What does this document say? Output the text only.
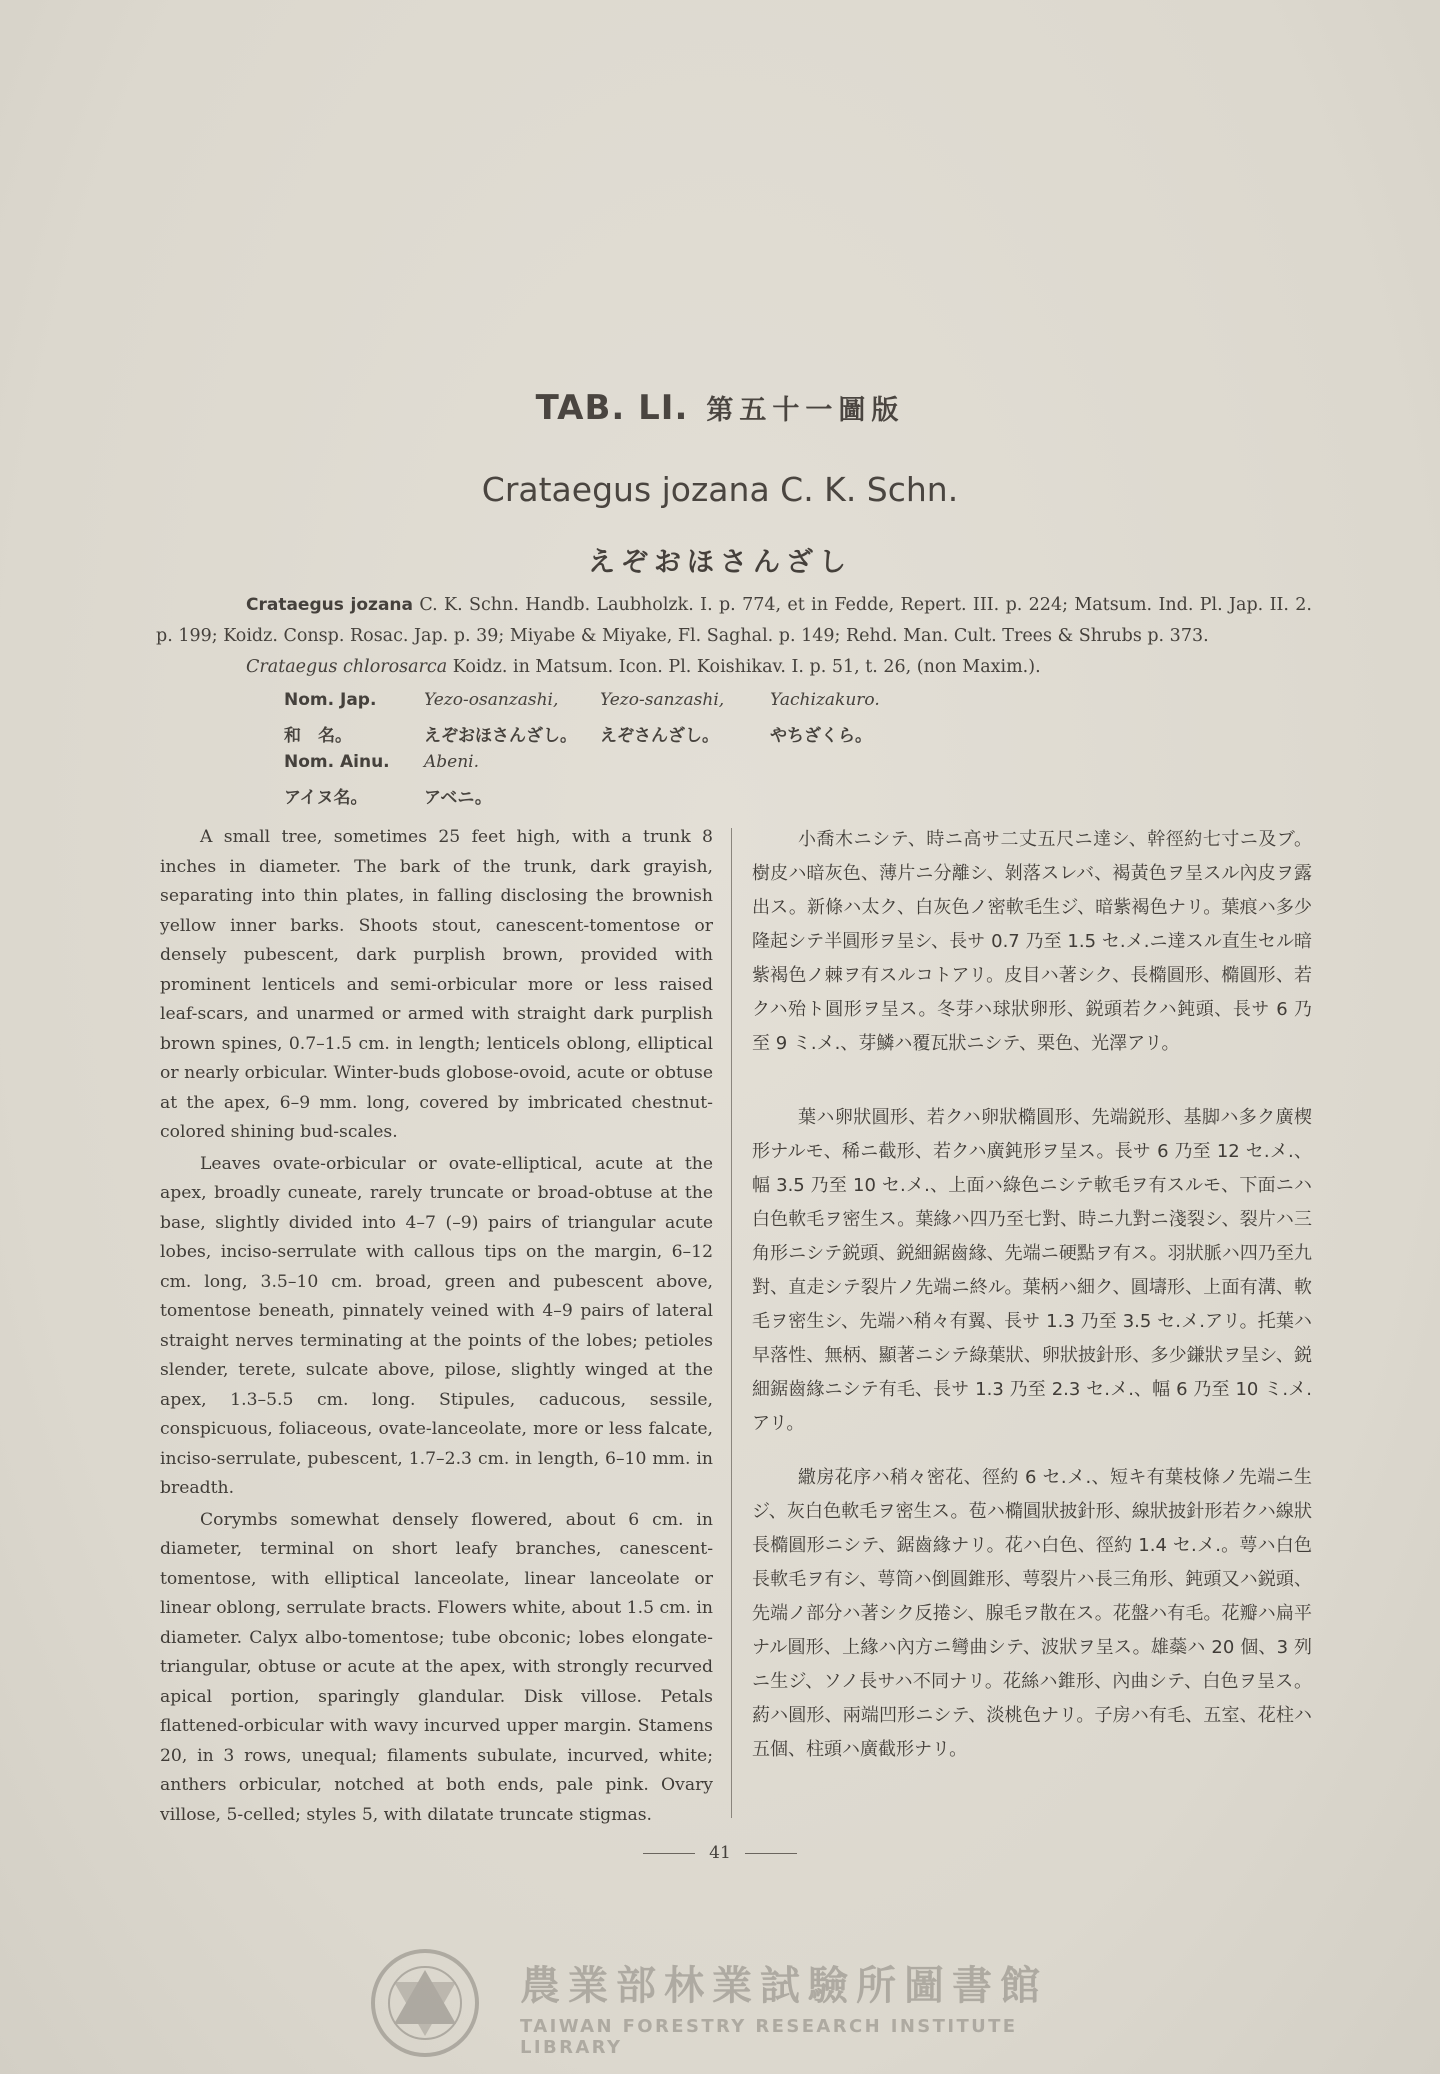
TAB. LI. 第五十一圖版
Crataegus jozana C. K. Schn.
えぞおほさんざし
Crataegus jozana C. K. Schn. Handb. Laubholzk. I. p. 774, et in Fedde, Repert. III. p. 224; Matsum. Ind. Pl. Jap. II. 2. p. 199; Koidz. Consp. Rosac. Jap. p. 39; Miyabe & Miyake, Fl. Saghal. p. 149; Rehd. Man. Cult. Trees & Shrubs p. 373.
Crataegus chlorosarca Koidz. in Matsum. Icon. Pl. Koishikav. I. p. 51, t. 26, (non Maxim.).
Nom. Jap.	Yezo-osanzashi,	Yezo-sanzashi,	Yachizakuro.
和　名。	えぞおほさんざし。	えぞさんざし。	やちざくら。
Nom. Ainu.	Abeni.
アイヌ名。	アベニ。

A small tree, sometimes 25 feet high, with a trunk 8 inches in diameter. The bark of the trunk, dark grayish, separating into thin plates, in falling disclosing the brownish yellow inner barks. Shoots stout, canescent-tomentose or densely pubescent, dark purplish brown, provided with prominent lenticels and semi-orbicular more or less raised leaf-scars, and unarmed or armed with straight dark purplish brown spines, 0.7–1.5 cm. in length; lenticels oblong, elliptical or nearly orbicular. Winter-buds globose-ovoid, acute or obtuse at the apex, 6–9 mm. long, covered by imbricated chestnut-colored shining bud-scales.

Leaves ovate-orbicular or ovate-elliptical, acute at the apex, broadly cuneate, rarely truncate or broad-obtuse at the base, slightly divided into 4–7 (–9) pairs of triangular acute lobes, inciso-serrulate with callous tips on the margin, 6–12 cm. long, 3.5–10 cm. broad, green and pubescent above, tomentose beneath, pinnately veined with 4–9 pairs of lateral straight nerves terminating at the points of the lobes; petioles slender, terete, sulcate above, pilose, slightly winged at the apex, 1.3–5.5 cm. long. Stipules, caducous, sessile, conspicuous, foliaceous, ovate-lanceolate, more or less falcate, inciso-serrulate, pubescent, 1.7–2.3 cm. in length, 6–10 mm. in breadth.

Corymbs somewhat densely flowered, about 6 cm. in diameter, terminal on short leafy branches, canescent-tomentose, with elliptical lanceolate, linear lanceolate or linear oblong, serrulate bracts. Flowers white, about 1.5 cm. in diameter. Calyx albo-tomentose; tube obconic; lobes elongate-triangular, obtuse or acute at the apex, with strongly recurved apical portion, sparingly glandular. Disk villose. Petals flattened-orbicular with wavy incurved upper margin. Stamens 20, in 3 rows, unequal; filaments subulate, incurved, white; anthers orbicular, notched at both ends, pale pink. Ovary villose, 5-celled; styles 5, with dilatate truncate stigmas.

小喬木ニシテ、時ニ高サ二丈五尺ニ達シ、幹徑約七寸ニ及ブ。樹皮ハ暗灰色、薄片ニ分離シ、剝落スレバ、褐黃色ヲ呈スル內皮ヲ露出ス。新條ハ太ク、白灰色ノ密軟毛生ジ、暗紫褐色ナリ。葉痕ハ多少隆起シテ半圓形ヲ呈シ、長サ 0.7 乃至 1.5 セ.メ.ニ達スル直生セル暗紫褐色ノ棘ヲ有スルコトアリ。皮目ハ著シク、長橢圓形、橢圓形、若クハ殆ト圓形ヲ呈ス。冬芽ハ球狀卵形、鋭頭若クハ鈍頭、長サ 6 乃至 9 ミ.メ.、芽鱗ハ覆瓦狀ニシテ、栗色、光澤アリ。

葉ハ卵狀圓形、若クハ卵狀橢圓形、先端鋭形、基脚ハ多ク廣楔形ナルモ、稀ニ截形、若クハ廣鈍形ヲ呈ス。長サ 6 乃至 12 セ.メ.、幅 3.5 乃至 10 セ.メ.、上面ハ綠色ニシテ軟毛ヲ有スルモ、下面ニハ白色軟毛ヲ密生ス。葉緣ハ四乃至七對、時ニ九對ニ淺裂シ、裂片ハ三角形ニシテ鋭頭、鋭細鋸齒緣、先端ニ硬點ヲ有ス。羽狀脈ハ四乃至九對、直走シテ裂片ノ先端ニ終ル。葉柄ハ細ク、圓壔形、上面有溝、軟毛ヲ密生シ、先端ハ稍々有翼、長サ 1.3 乃至 3.5 セ.メ.アリ。托葉ハ早落性、無柄、顯著ニシテ綠葉狀、卵狀披針形、多少鎌狀ヲ呈シ、鋭細鋸齒緣ニシテ有毛、長サ 1.3 乃至 2.3 セ.メ.、幅 6 乃至 10 ミ.メ.アリ。

繖房花序ハ稍々密花、徑約 6 セ.メ.、短キ有葉枝條ノ先端ニ生ジ、灰白色軟毛ヲ密生ス。苞ハ橢圓狀披針形、線狀披針形若クハ線狀長橢圓形ニシテ、鋸齒緣ナリ。花ハ白色、徑約 1.4 セ.メ.。萼ハ白色長軟毛ヲ有シ、萼筒ハ倒圓錐形、萼裂片ハ長三角形、鈍頭又ハ鋭頭、先端ノ部分ハ著シク反捲シ、腺毛ヲ散在ス。花盤ハ有毛。花瓣ハ扁平ナル圓形、上緣ハ內方ニ彎曲シテ、波狀ヲ呈ス。雄蘂ハ 20 個、3 列ニ生ジ、ソノ長サハ不同ナリ。花絲ハ錐形、內曲シテ、白色ヲ呈ス。葯ハ圓形、兩端凹形ニシテ、淡桃色ナリ。子房ハ有毛、五室、花柱ハ五個、柱頭ハ廣截形ナリ。

41
農業部林業試驗所圖書館
TAIWAN FORESTRY RESEARCH INSTITUTE LIBRARY
